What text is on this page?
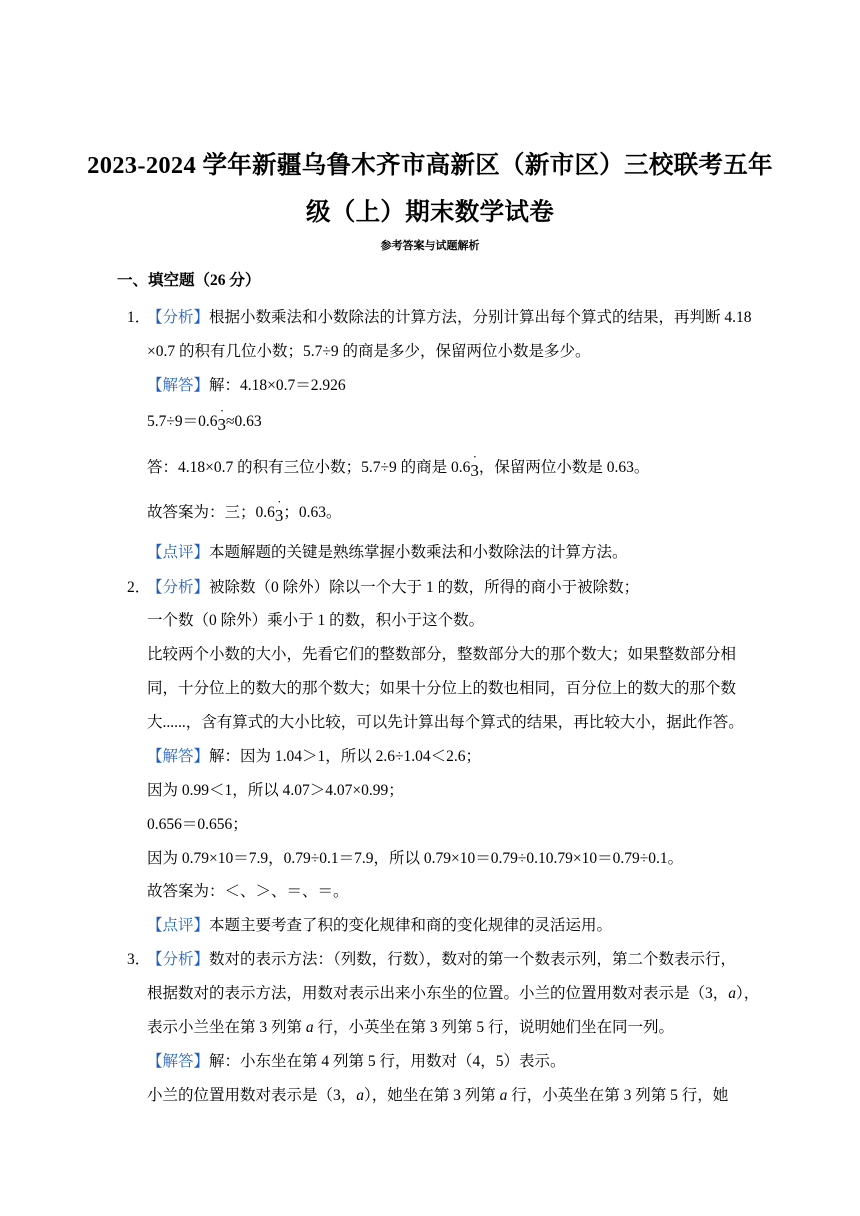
2023-2024 学年新疆乌鲁木齐市高新区（新市区）三校联考五年
级（上）期末数学试卷
参考答案与试题解析
一、填空题（26 分）
1．
【分析】根据小数乘法和小数除法的计算方法，分别计算出每个算式的结果，再判断 4.18
×0.7 的积有几位小数；5.7÷9 的商是多少，保留两位小数是多少。
【解答】解：4.18×0.7＝2.926
5.7÷9＝0.6
·
3≈0.63
答：4.18×0.7 的积有三位小数；5.7÷9 的商是 0.6
·
3，保留两位小数是 0.63。
故答案为：三；0.6
·
3；0.63。
【点评】本题解题的关键是熟练掌握小数乘法和小数除法的计算方法。
2．
【分析】被除数（0 除外）除以一个大于 1 的数，所得的商小于被除数；
一个数（0 除外）乘小于 1 的数，积小于这个数。
比较两个小数的大小，先看它们的整数部分，整数部分大的那个数大；如果整数部分相
同，十分位上的数大的那个数大；如果十分位上的数也相同，百分位上的数大的那个数
大......，含有算式的大小比较，可以先计算出每个算式的结果，再比较大小，据此作答。
【解答】解：因为 1.04＞1，所以 2.6÷1.04＜2.6；
因为 0.99＜1，所以 4.07＞4.07×0.99；
0.656＝0.656；
因为 0.79×10＝7.9，0.79÷0.1＝7.9，所以 0.79×10＝0.79÷0.10.79×10＝0.79÷0.1。
故答案为：＜、＞、＝、＝。
【点评】本题主要考查了积的变化规律和商的变化规律的灵活运用。
3．
【分析】数对的表示方法：（列数，行数），数对的第一个数表示列，第二个数表示行，
根据数对的表示方法，用数对表示出来小东坐的位置。小兰的位置用数对表示是（3，a），
表示小兰坐在第 3 列第 a 行，小英坐在第 3 列第 5 行，说明她们坐在同一列。
【解答】解：小东坐在第 4 列第 5 行，用数对（4，5）表示。
小兰的位置用数对表示是（3，a），她坐在第 3 列第 a 行，小英坐在第 3 列第 5 行，她
